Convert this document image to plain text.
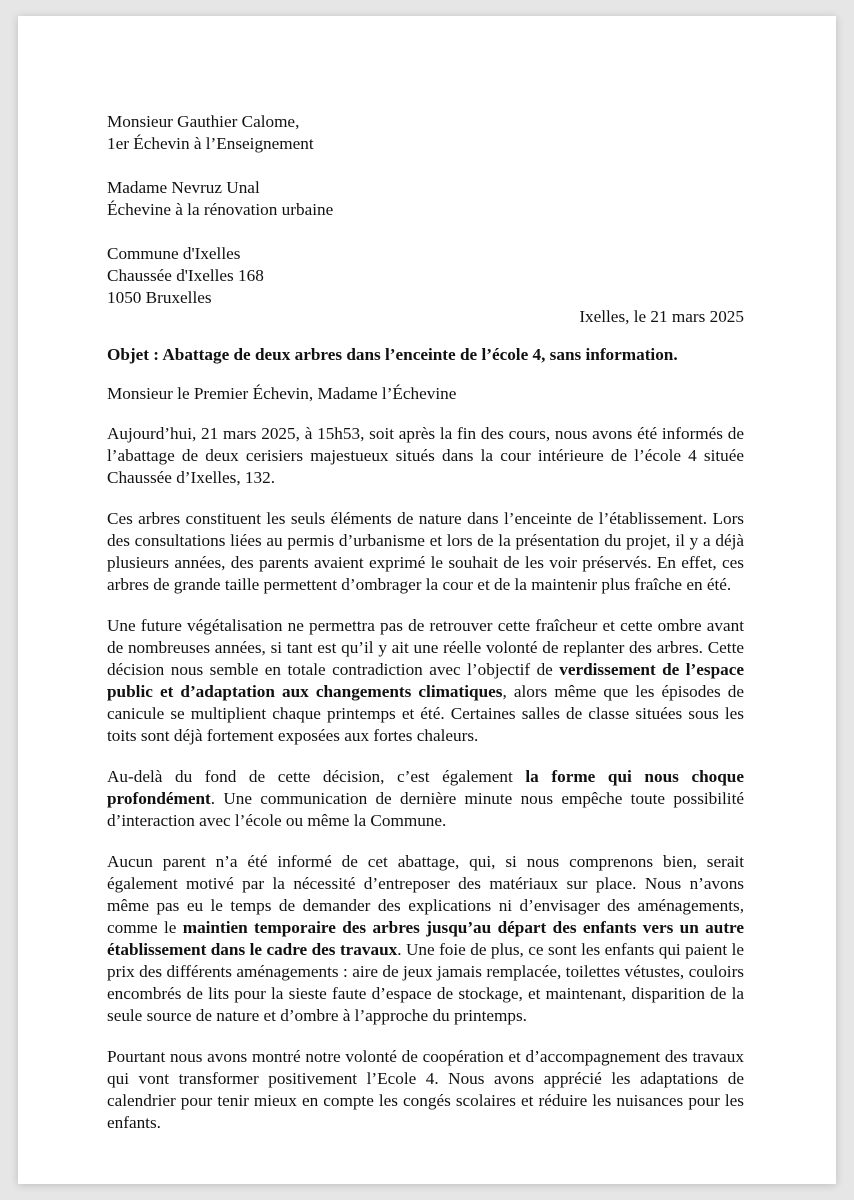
Monsieur Gauthier Calome,
1er Échevin à l’Enseignement
Madame Nevruz Unal
Échevine à la rénovation urbaine
Commune d'Ixelles
Chaussée d'Ixelles 168
1050 Bruxelles
Ixelles, le 21 mars 2025
Objet : Abattage de deux arbres dans l’enceinte de l’école 4, sans information.
Monsieur le Premier Échevin, Madame l’Échevine

Aujourd’hui, 21 mars 2025, à 15h53, soit après la fin des cours, nous avons été informés de l’abattage de deux cerisiers majestueux situés dans la cour intérieure de l’école 4 située Chaussée d’Ixelles, 132.

Ces arbres constituent les seuls éléments de nature dans l’enceinte de l’établissement. Lors des consultations liées au permis d’urbanisme et lors de la présentation du projet, il y a déjà plusieurs années, des parents avaient exprimé le souhait de les voir préservés. En effet, ces arbres de grande taille permettent d’ombrager la cour et de la maintenir plus fraîche en été.

Une future végétalisation ne permettra pas de retrouver cette fraîcheur et cette ombre avant de nombreuses années, si tant est qu’il y ait une réelle volonté de replanter des arbres. Cette décision nous semble en totale contradiction avec l’objectif de verdissement de l’espace public et d’adaptation aux changements climatiques, alors même que les épisodes de canicule se multiplient chaque printemps et été. Certaines salles de classe situées sous les toits sont déjà fortement exposées aux fortes chaleurs.

Au-delà du fond de cette décision, c’est également la forme qui nous choque profondément. Une communication de dernière minute nous empêche toute possibilité d’interaction avec l’école ou même la Commune.

Aucun parent n’a été informé de cet abattage, qui, si nous comprenons bien, serait également motivé par la nécessité d’entreposer des matériaux sur place. Nous n’avons même pas eu le temps de demander des explications ni d’envisager des aménagements, comme le maintien temporaire des arbres jusqu’au départ des enfants vers un autre établissement dans le cadre des travaux. Une foie de plus, ce sont les enfants qui paient le prix des différents aménagements : aire de jeux jamais remplacée, toilettes vétustes, couloirs encombrés de lits pour la sieste faute d’espace de stockage, et maintenant, disparition de la seule source de nature et d’ombre à l’approche du printemps.

Pourtant nous avons montré notre volonté de coopération et d’accompagnement des travaux qui vont transformer positivement l’Ecole 4. Nous avons apprécié les adaptations de calendrier pour tenir mieux en compte les congés scolaires et réduire les nuisances pour les enfants.
